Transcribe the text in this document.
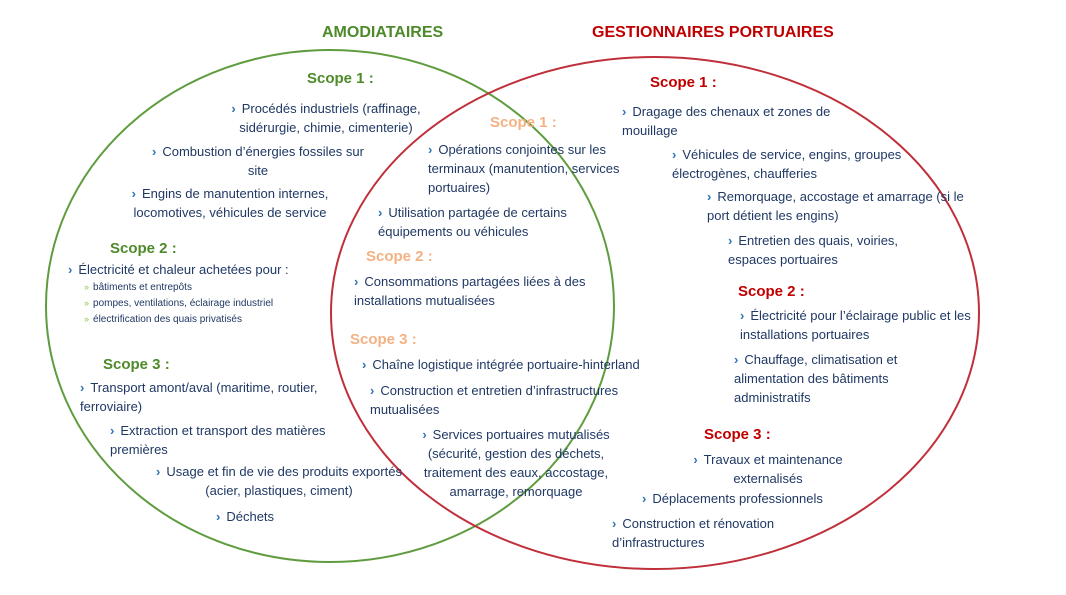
AMODIATAIRES	GESTIONNAIRES PORTUAIRES
Scope 1 :
› Procédés industriels (raffinage, sidérurgie, chimie, cimenterie)
› Combustion d’énergies fossiles sur site
› Engins de manutention internes, locomotives, véhicules de service
Scope 2 :
› Électricité et chaleur achetées pour :
» bâtiments et entrepôts
» pompes, ventilations, éclairage industriel
» électrification des quais privatisés
Scope 3 :
› Transport amont/aval (maritime, routier, ferroviaire)
› Extraction et transport des matières premières
› Usage et fin de vie des produits exportés (acier, plastiques, ciment)
› Déchets
Scope 1 :
› Opérations conjointes sur les terminaux (manutention, services portuaires)
› Utilisation partagée de certains équipements ou véhicules
Scope 2 :
› Consommations partagées liées à des installations mutualisées
Scope 3 :
› Chaîne logistique intégrée portuaire-hinterland
› Construction et entretien d’infrastructures mutualisées
› Services portuaires mutualisés (sécurité, gestion des déchets, traitement des eaux, accostage, amarrage, remorquage
Scope 1 :
› Dragage des chenaux et zones de mouillage
› Véhicules de service, engins, groupes électrogènes, chaufferies
› Remorquage, accostage et amarrage (si le port détient les engins)
› Entretien des quais, voiries, espaces portuaires
Scope 2 :
› Électricité pour l’éclairage public et les installations portuaires
› Chauffage, climatisation et alimentation des bâtiments administratifs
Scope 3 :
› Travaux et maintenance externalisés
› Déplacements professionnels
› Construction et rénovation d’infrastructures
